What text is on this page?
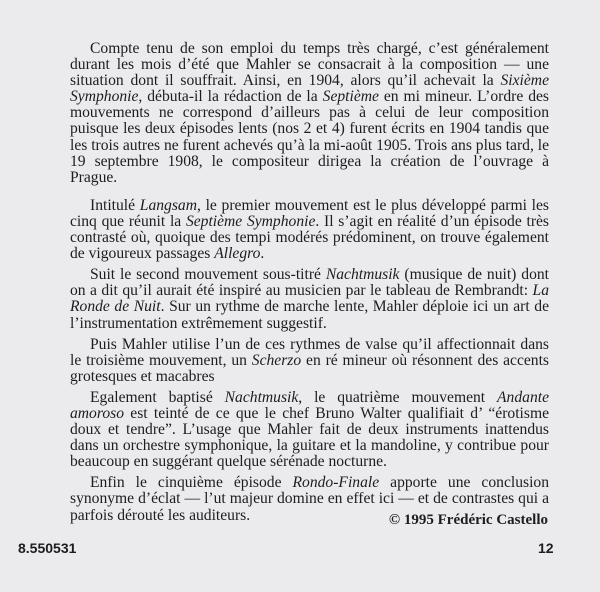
Compte tenu de son emploi du temps très chargé, c’est généralement durant les mois d’été que Mahler se consacrait à la composition — une situation dont il souffrait. Ainsi, en 1904, alors qu’il achevait la Sixième Symphonie, débuta-il la rédaction de la Septième en mi mineur. L’ordre des mouvements ne correspond d’ailleurs pas à celui de leur composition puisque les deux épisodes lents (nos 2 et 4) furent écrits en 1904 tandis que les trois autres ne furent achevés qu’à la mi-août 1905. Trois ans plus tard, le 19 septembre 1908, le compositeur dirigea la création de l’ouvrage à Prague.

Intitulé Langsam, le premier mouvement est le plus développé parmi les cinq que réunit la Septième Symphonie. Il s’agit en réalité d’un épisode très contrasté où, quoique des tempi modérés prédominent, on trouve également de vigoureux passages Allegro.

Suit le second mouvement sous-titré Nachtmusik (musique de nuit) dont on a dit qu’il aurait été inspiré au musicien par le tableau de Rembrandt: La Ronde de Nuit. Sur un rythme de marche lente, Mahler déploie ici un art de l’instrumentation extrêmement suggestif.

Puis Mahler utilise l’un de ces rythmes de valse qu’il affectionnait dans le troisième mouvement, un Scherzo en ré mineur où résonnent des accents grotesques et macabres

Egalement baptisé Nachtmusik, le quatrième mouvement Andante amoroso est teinté de ce que le chef Bruno Walter qualifiait d’ “érotisme doux et tendre”. L’usage que Mahler fait de deux instruments inattendus dans un orchestre symphonique, la guitare et la mandoline, y contribue pour beaucoup en suggérant quelque sérénade nocturne.

Enfin le cinquième épisode Rondo-Finale apporte une conclusion synonyme d’éclat — l’ut majeur domine en effet ici — et de contrastes qui a parfois dérouté les auditeurs.	© 1995 Frédéric Castello
8.550531	12
